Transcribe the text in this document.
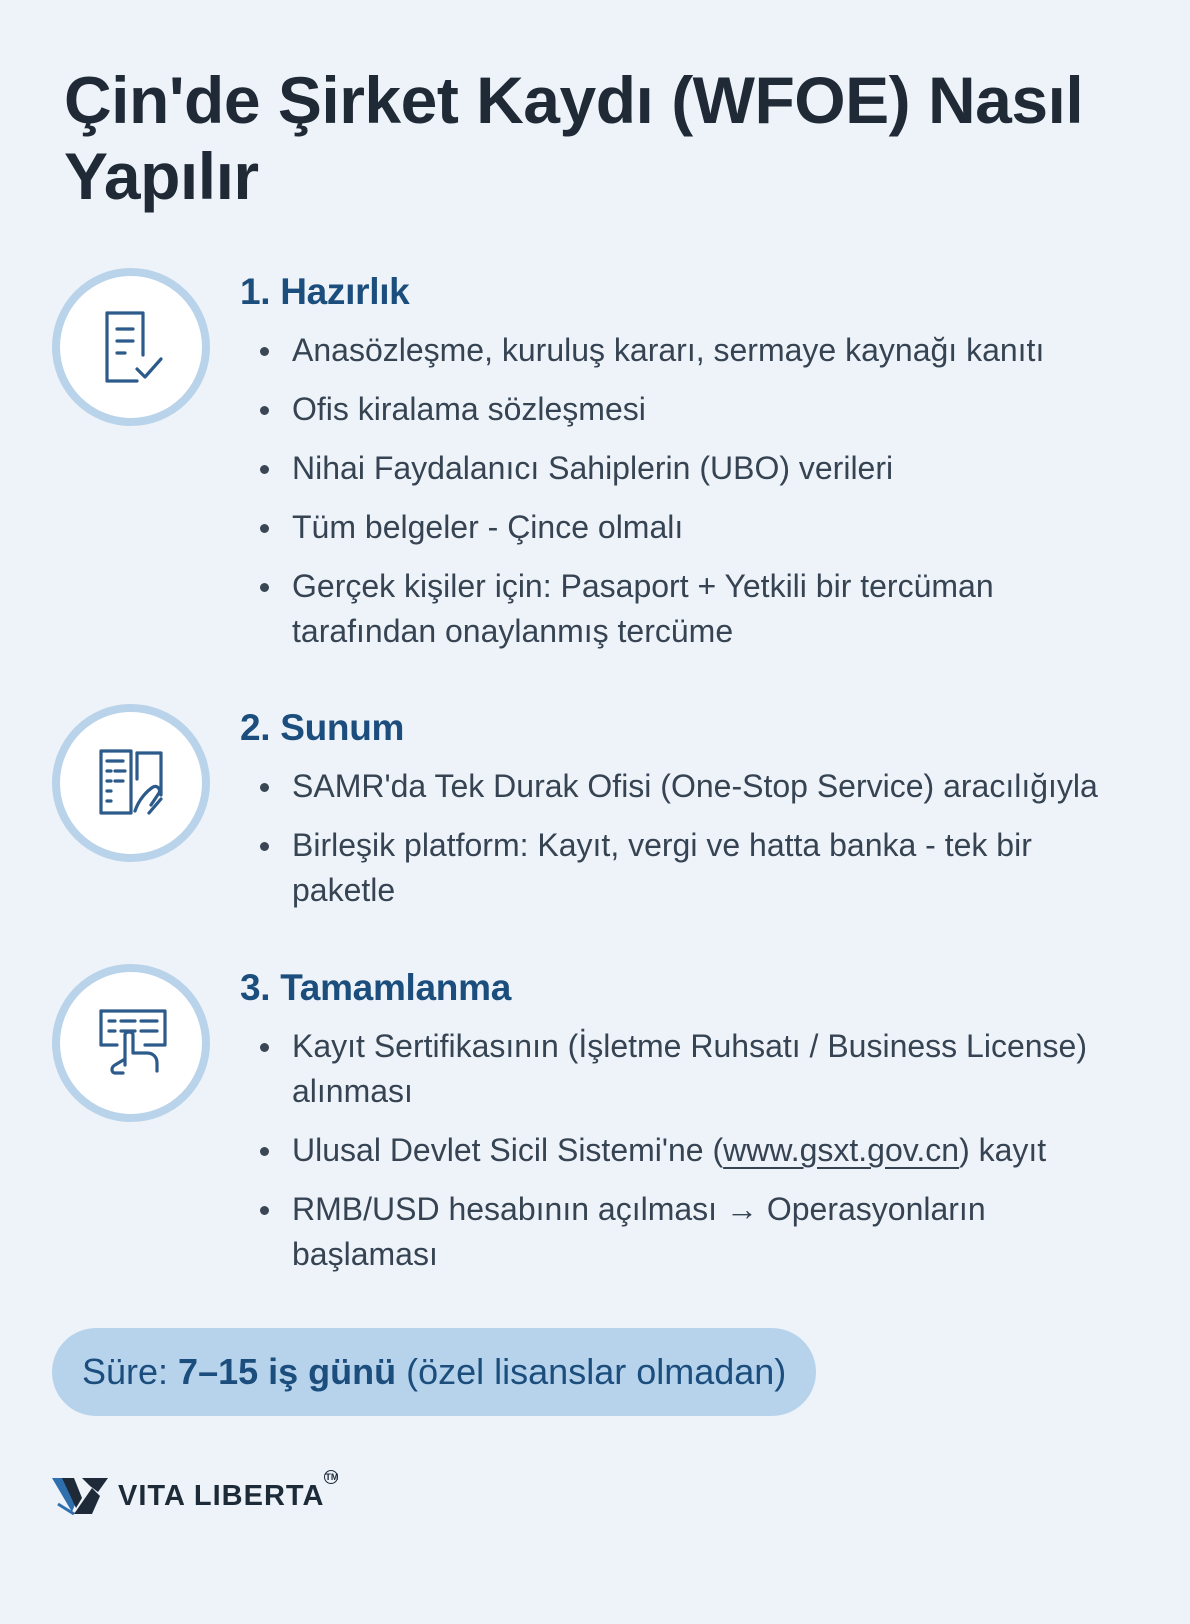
Çin'de Şirket Kaydı (WFOE) Nasıl Yapılır
1. Hazırlık
Anasözleşme, kuruluş kararı, sermaye kaynağı kanıtı
Ofis kiralama sözleşmesi
Nihai Faydalanıcı Sahiplerin (UBO) verileri
Tüm belgeler - Çince olmalı
Gerçek kişiler için: Pasaport + Yetkili bir tercüman tarafından onaylanmış tercüme
2. Sunum
SAMR'da Tek Durak Ofisi (One-Stop Service) aracılığıyla
Birleşik platform: Kayıt, vergi ve hatta banka - tek bir paketle
3. Tamamlanma
Kayıt Sertifikasının (İşletme Ruhsatı / Business License) alınması
Ulusal Devlet Sicil Sistemi'ne (www.gsxt.gov.cn) kayıt
RMB/USD hesabının açılması → Operasyonların başlaması
Süre: 7–15 iş günü (özel lisanslar olmadan)
VITA LIBERTA
TM
